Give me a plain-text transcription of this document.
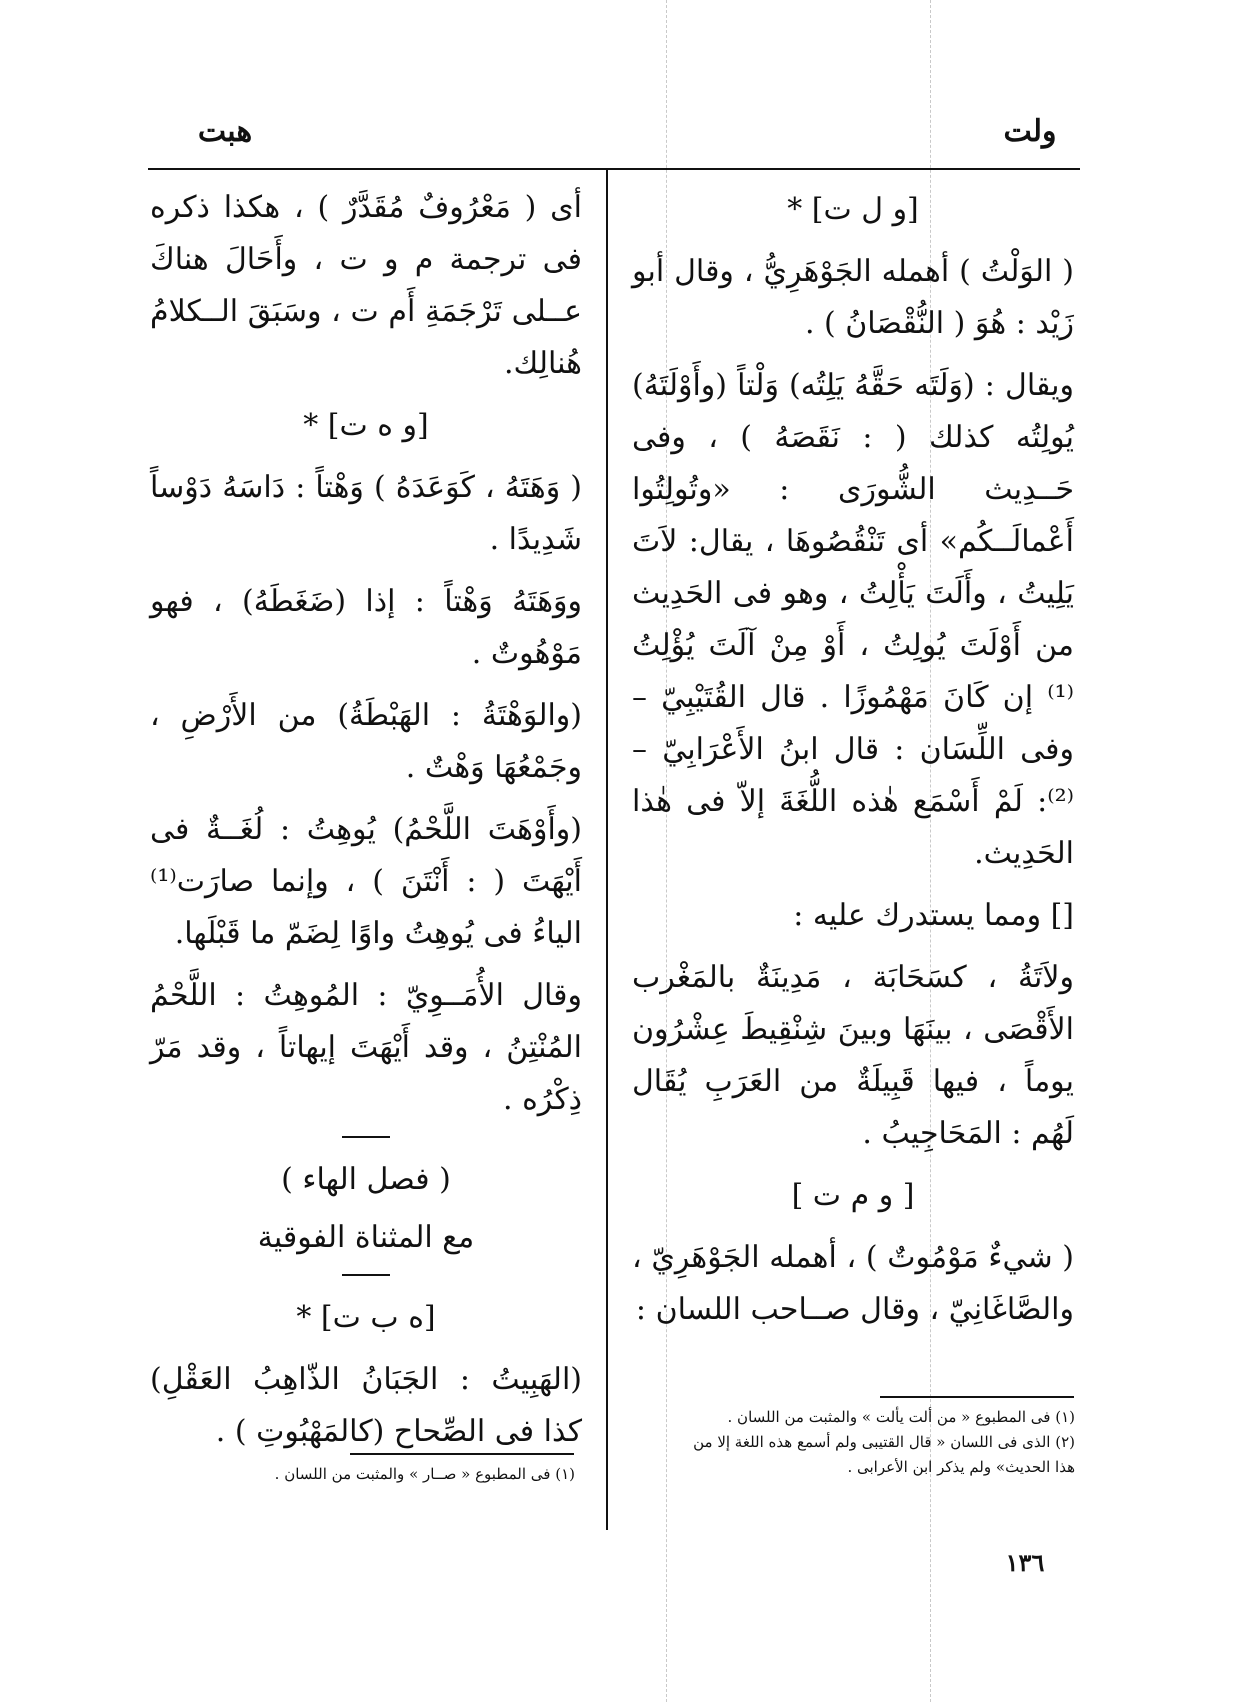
ولت
هبت
[و ل ت] *

( الوَلْتُ ) أهمله الجَوْهَرِيُّ ، وقال أبو زَيْد : هُوَ ( النُّقْصَانُ ) .

ويقال : (وَلَتَه حَقَّهُ يَلِتُه) وَلْتاً (وأَوْلَتَهُ) يُولِتُه كذلك ( : نَقَصَهُ ) ، وفى حَــدِيث الشُّورَى : «وتُولِتُوا أَعْمالَــكُم» أى تَنْقُصُوهَا ، يقال: لاَتَ يَلِيتُ ، وأَلَتَ يَأْلِتُ ، وهو فى الحَدِيث من أَوْلَتَ يُولِتُ ، أَوْ مِنْ آلَتَ يُؤْلِتُ ⁽¹⁾ إن كَانَ مَهْمُوزًا . قال القُتَيْبِيّ – وفى اللِّسَان : قال ابنُ الأَعْرَابِيّ – ⁽²⁾: لَمْ أَسْمَع هٰذه اللُّغَةَ إلاّ فى هٰذا الحَدِيث.

[] ومما يستدرك عليه :

ولاَتَةُ ، كسَحَابَة ، مَدِينَةٌ بالمَغْرب الأَقْصَى ، بينَهَا وبينَ شِنْقِيطَ عِشْرُون يوماً ، فيها قَبِيلَةٌ من العَرَبِ يُقَال لَهُم : المَحَاجِيبُ .

[ و م ت ]

( شيءٌ مَوْمُوتٌ ) ، أهمله الجَوْهَرِيّ ، والصَّاغَانِيّ ، وقال صــاحب اللسان :

(١) فى المطبوع « من ألت يألت » والمثبت من اللسان .

(٢) الذى فى اللسان « قال القتيبى ولم أسمع هذه اللغة إلا من هذا الحديث» ولم يذكر ابن الأعرابى .

أى ( مَعْرُوفٌ مُقَدَّرٌ ) ، هكذا ذكره فى ترجمة م و ت ، وأَحَالَ هناكَ عــلى تَرْجَمَةِ أَم ت ، وسَبَقَ الــكلامُ هُنالِك.

[و ه ت] *

( وَهَتَهُ ، كَوَعَدَهُ ) وَهْتاً : دَاسَهُ دَوْساً شَدِيدًا .

ووَهَتَهُ وَهْتاً : إذا (ضَغَطَهُ) ، فهو مَوْهُوتٌ .

(والوَهْتَةُ : الهَبْطَةُ) من الأَرْضِ ، وجَمْعُهَا وَهْتٌ .

(وأَوْهَتَ اللَّحْمُ) يُوهِتُ : لُغَــةٌ فى أَيْهَتَ ( : أَنْتَنَ ) ، وإنما صارَت⁽¹⁾ الياءُ فى يُوهِتُ واوًا لِضَمّ ما قَبْلَها.

وقال الأُمَــوِيّ : المُوهِتُ : اللَّحْمُ المُنْتِنُ ، وقد أَيْهَتَ إيهاتاً ، وقد مَرّ ذِكْرُه .

( فصل الهاء )
مع المثناة الفوقية
[ه ب ت] *

(الهَبِيتُ : الجَبَانُ الذّاهِبُ العَقْلِ) كذا فى الصِّحاح (كالمَهْبُوتِ ) .

(١) فى المطبوع « صــار » والمثبت من اللسان .

١٣٦
